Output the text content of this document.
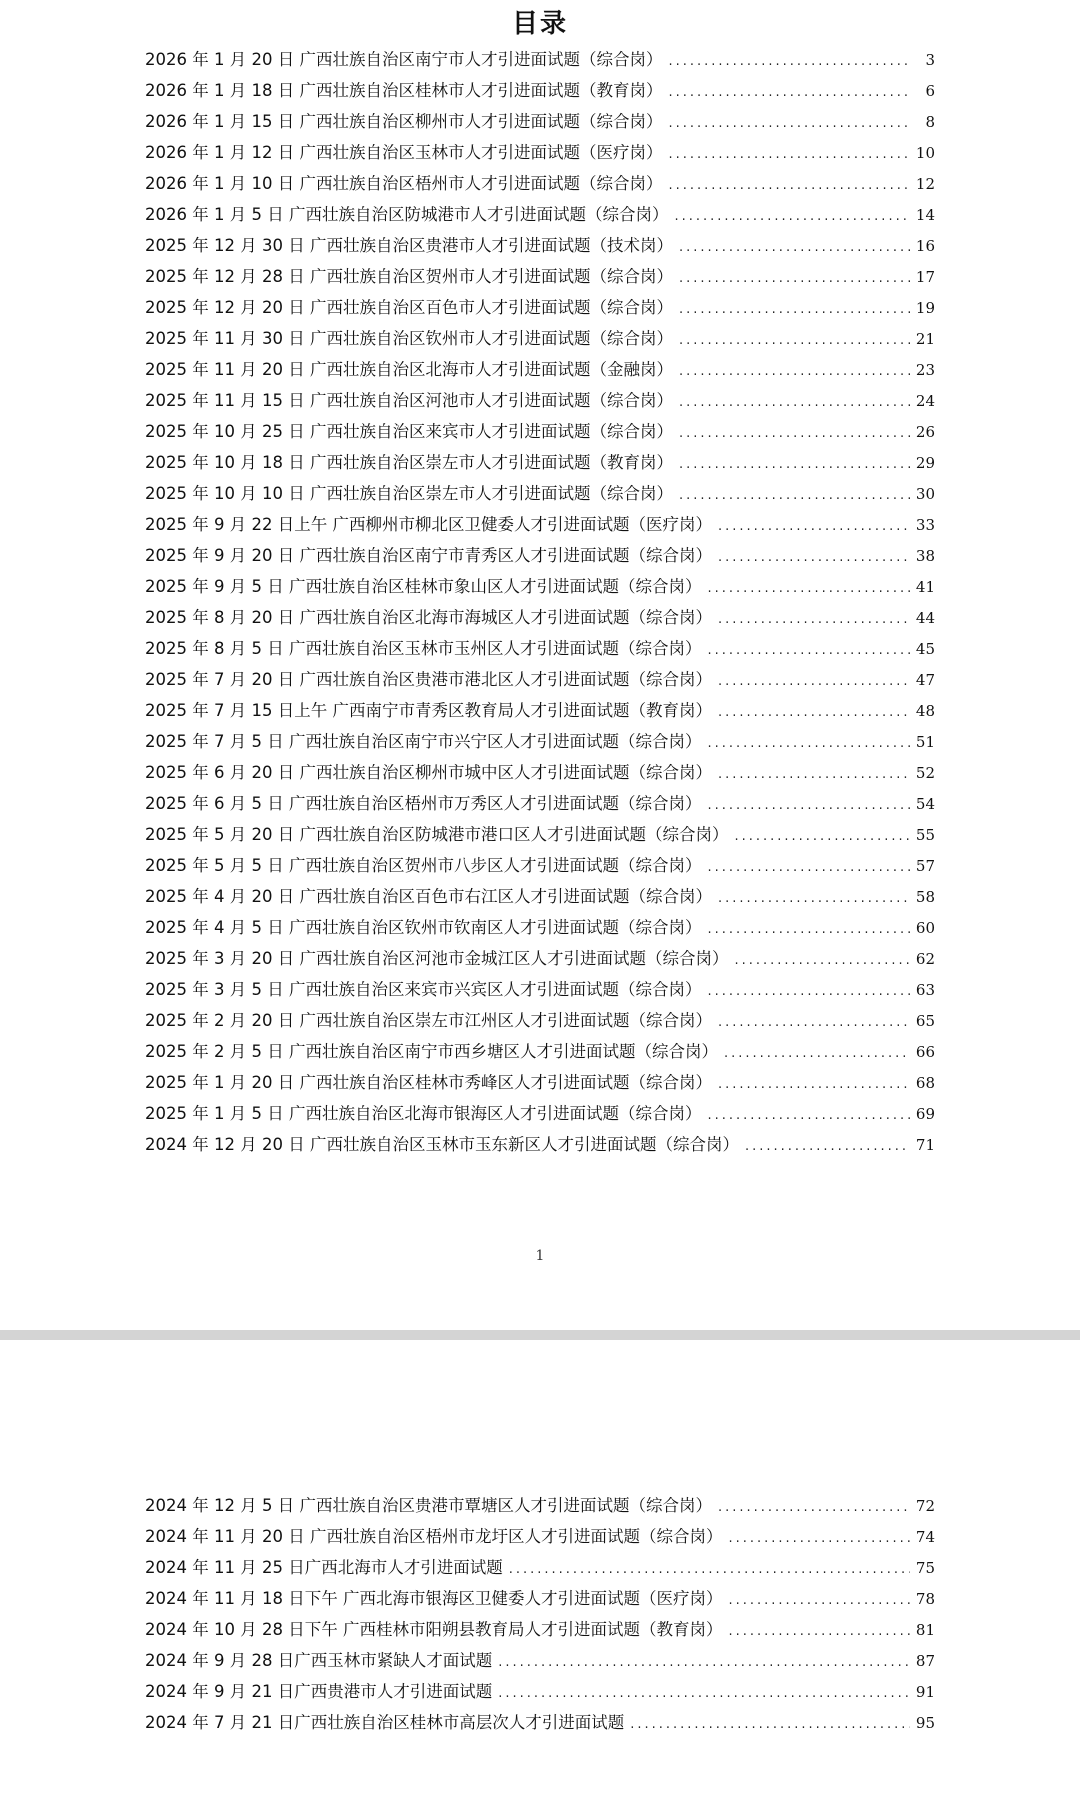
目录
2026 年 1 月 20 日 广西壮族自治区南宁市人才引进面试题（综合岗） .....	3
2026 年 1 月 18 日 广西壮族自治区桂林市人才引进面试题（教育岗） .....	6
2026 年 1 月 15 日 广西壮族自治区柳州市人才引进面试题（综合岗） .....	8
2026 年 1 月 12 日 广西壮族自治区玉林市人才引进面试题（医疗岗） .....	10
2026 年 1 月 10 日 广西壮族自治区梧州市人才引进面试题（综合岗） .....	12
2026 年 1 月 5 日 广西壮族自治区防城港市人才引进面试题（综合岗） .....	14
2025 年 12 月 30 日 广西壮族自治区贵港市人才引进面试题（技术岗） .....	16
2025 年 12 月 28 日 广西壮族自治区贺州市人才引进面试题（综合岗） .....	17
2025 年 12 月 20 日 广西壮族自治区百色市人才引进面试题（综合岗） .....	19
2025 年 11 月 30 日 广西壮族自治区钦州市人才引进面试题（综合岗） .....	21
2025 年 11 月 20 日 广西壮族自治区北海市人才引进面试题（金融岗） .....	23
2025 年 11 月 15 日 广西壮族自治区河池市人才引进面试题（综合岗） .....	24
2025 年 10 月 25 日 广西壮族自治区来宾市人才引进面试题（综合岗） .....	26
2025 年 10 月 18 日 广西壮族自治区崇左市人才引进面试题（教育岗） .....	29
2025 年 10 月 10 日 广西壮族自治区崇左市人才引进面试题（综合岗） .....	30
2025 年 9 月 22 日上午 广西柳州市柳北区卫健委人才引进面试题（医疗岗） .....	33
2025 年 9 月 20 日 广西壮族自治区南宁市青秀区人才引进面试题（综合岗） .....	38
2025 年 9 月 5 日 广西壮族自治区桂林市象山区人才引进面试题（综合岗） .....	41
2025 年 8 月 20 日 广西壮族自治区北海市海城区人才引进面试题（综合岗） .....	44
2025 年 8 月 5 日 广西壮族自治区玉林市玉州区人才引进面试题（综合岗） .....	45
2025 年 7 月 20 日 广西壮族自治区贵港市港北区人才引进面试题（综合岗） .....	47
2025 年 7 月 15 日上午 广西南宁市青秀区教育局人才引进面试题（教育岗） .....	48
2025 年 7 月 5 日 广西壮族自治区南宁市兴宁区人才引进面试题（综合岗） .....	51
2025 年 6 月 20 日 广西壮族自治区柳州市城中区人才引进面试题（综合岗） .....	52
2025 年 6 月 5 日 广西壮族自治区梧州市万秀区人才引进面试题（综合岗） .....	54
2025 年 5 月 20 日 广西壮族自治区防城港市港口区人才引进面试题（综合岗） .....	55
2025 年 5 月 5 日 广西壮族自治区贺州市八步区人才引进面试题（综合岗） .....	57
2025 年 4 月 20 日 广西壮族自治区百色市右江区人才引进面试题（综合岗） .....	58
2025 年 4 月 5 日 广西壮族自治区钦州市钦南区人才引进面试题（综合岗） .....	60
2025 年 3 月 20 日 广西壮族自治区河池市金城江区人才引进面试题（综合岗） .....	62
2025 年 3 月 5 日 广西壮族自治区来宾市兴宾区人才引进面试题（综合岗） .....	63
2025 年 2 月 20 日 广西壮族自治区崇左市江州区人才引进面试题（综合岗） .....	65
2025 年 2 月 5 日 广西壮族自治区南宁市西乡塘区人才引进面试题（综合岗） .....	66
2025 年 1 月 20 日 广西壮族自治区桂林市秀峰区人才引进面试题（综合岗） .....	68
2025 年 1 月 5 日 广西壮族自治区北海市银海区人才引进面试题（综合岗） .....	69
2024 年 12 月 20 日 广西壮族自治区玉林市玉东新区人才引进面试题（综合岗） .....	71
1
2024 年 12 月 5 日 广西壮族自治区贵港市覃塘区人才引进面试题（综合岗） .....	72
2024 年 11 月 20 日 广西壮族自治区梧州市龙圩区人才引进面试题（综合岗） .....	74
2024 年 11 月 25 日广西北海市人才引进面试题 .....	75
2024 年 11 月 18 日下午 广西北海市银海区卫健委人才引进面试题（医疗岗） .....	78
2024 年 10 月 28 日下午 广西桂林市阳朔县教育局人才引进面试题（教育岗） .....	81
2024 年 9 月 28 日广西玉林市紧缺人才面试题 .....	87
2024 年 9 月 21 日广西贵港市人才引进面试题 .....	91
2024 年 7 月 21 日广西壮族自治区桂林市高层次人才引进面试题 .....	95
